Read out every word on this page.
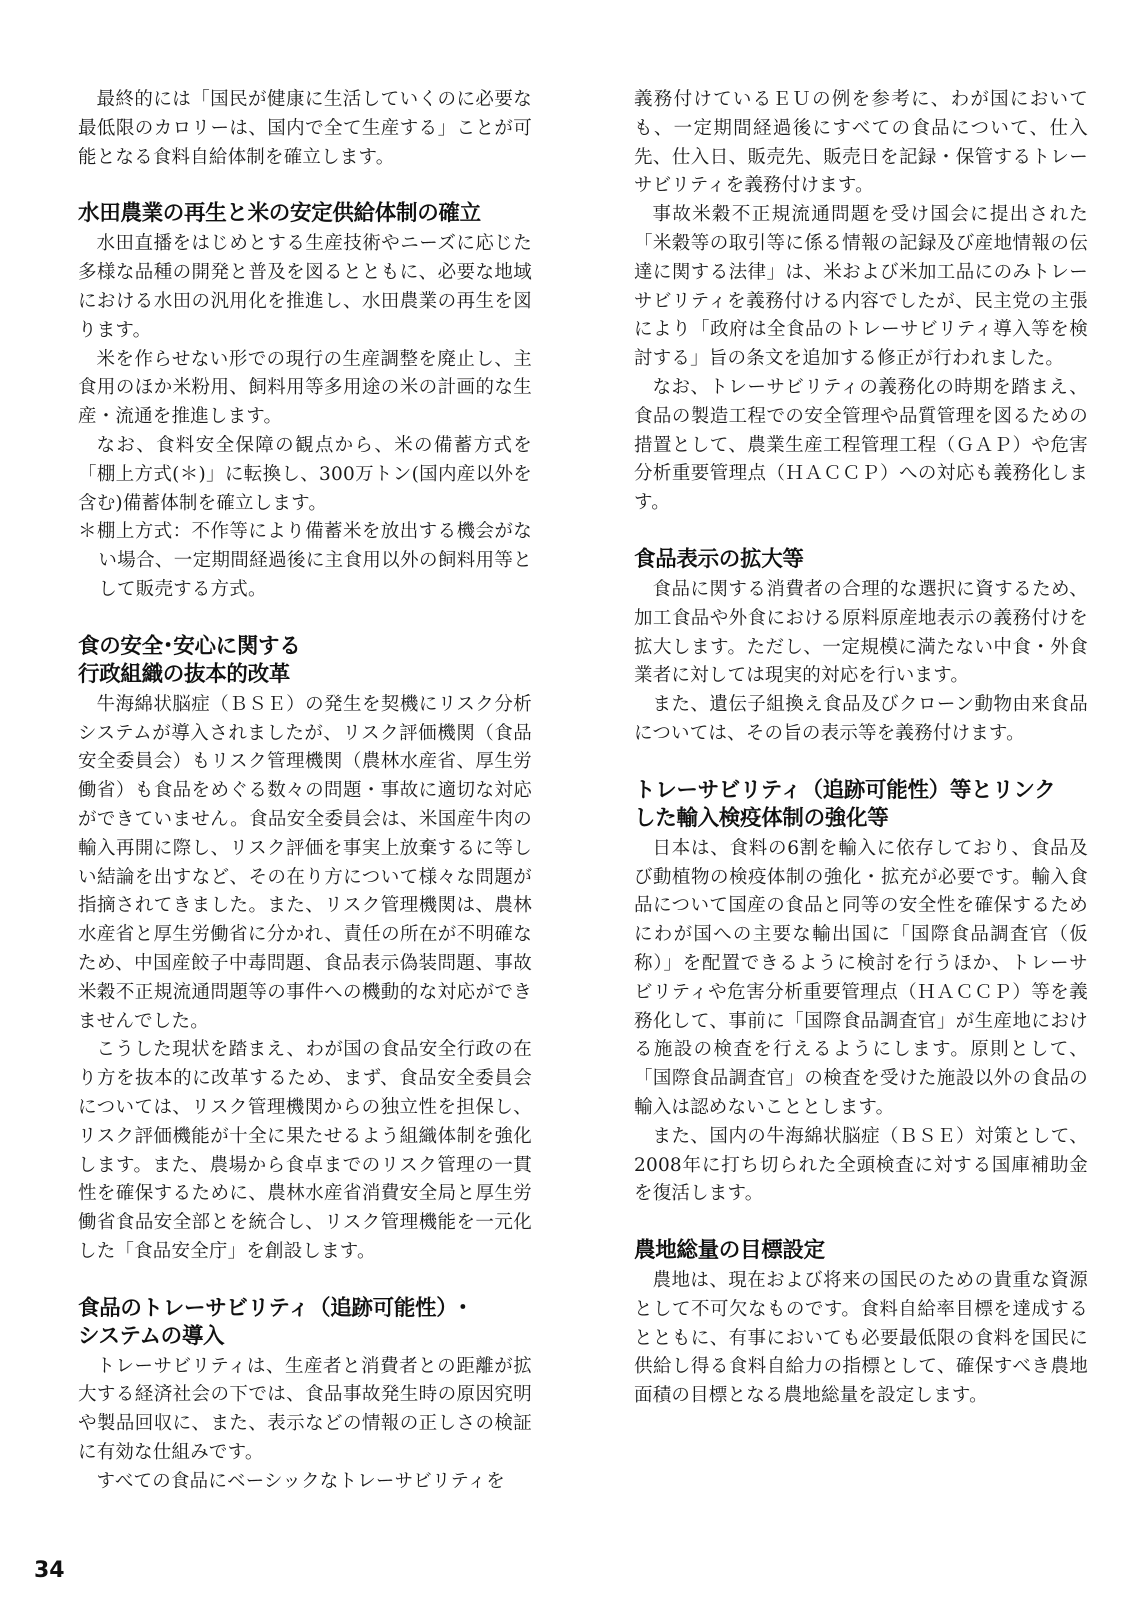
最終的には「国民が健康に生活していくのに必要な最低限のカロリーは、国内で全て生産する」ことが可能となる食料自給体制を確立します。

水田農業の再生と米の安定供給体制の確立

水田直播をはじめとする生産技術やニーズに応じた多様な品種の開発と普及を図るとともに、必要な地域における水田の汎用化を推進し、水田農業の再生を図ります。

米を作らせない形での現行の生産調整を廃止し、主食用のほか米粉用、飼料用等多用途の米の計画的な生産・流通を推進します。

なお、食料安全保障の観点から、米の備蓄方式を「棚上方式(＊)」に転換し、300万トン(国内産以外を含む)備蓄体制を確立します。

＊棚上方式：不作等により備蓄米を放出する機会がない場合、一定期間経過後に主食用以外の飼料用等として販売する方式。

食の安全･安心に関する
行政組織の抜本的改革

牛海綿状脳症（ＢＳＥ）の発生を契機にリスク分析システムが導入されましたが、リスク評価機関（食品安全委員会）もリスク管理機関（農林水産省、厚生労働省）も食品をめぐる数々の問題・事故に適切な対応ができていません。食品安全委員会は、米国産牛肉の輸入再開に際し、リスク評価を事実上放棄するに等しい結論を出すなど、その在り方について様々な問題が指摘されてきました。また、リスク管理機関は、農林水産省と厚生労働省に分かれ、責任の所在が不明確なため、中国産餃子中毒問題、食品表示偽装問題、事故米穀不正規流通問題等の事件への機動的な対応ができませんでした。

こうした現状を踏まえ、わが国の食品安全行政の在り方を抜本的に改革するため、まず、食品安全委員会については、リスク管理機関からの独立性を担保し、リスク評価機能が十全に果たせるよう組織体制を強化します。また、農場から食卓までのリスク管理の一貫性を確保するために、農林水産省消費安全局と厚生労働省食品安全部とを統合し、リスク管理機能を一元化した「食品安全庁」を創設します。

食品のトレーサビリティ（追跡可能性）･
システムの導入

トレーサビリティは、生産者と消費者との距離が拡大する経済社会の下では、食品事故発生時の原因究明や製品回収に、また、表示などの情報の正しさの検証に有効な仕組みです。

すべての食品にベーシックなトレーサビリティを

義務付けているＥＵの例を参考に、わが国においても、一定期間経過後にすべての食品について、仕入先、仕入日、販売先、販売日を記録・保管するトレーサビリティを義務付けます。

事故米穀不正規流通問題を受け国会に提出された「米穀等の取引等に係る情報の記録及び産地情報の伝達に関する法律」は、米および米加工品にのみトレーサビリティを義務付ける内容でしたが、民主党の主張により「政府は全食品のトレーサビリティ導入等を検討する」旨の条文を追加する修正が行われました。

なお、トレーサビリティの義務化の時期を踏まえ、食品の製造工程での安全管理や品質管理を図るための措置として、農業生産工程管理工程（ＧＡＰ）や危害分析重要管理点（ＨＡＣＣＰ）への対応も義務化します。

食品表示の拡大等

食品に関する消費者の合理的な選択に資するため、加工食品や外食における原料原産地表示の義務付けを拡大します。ただし、一定規模に満たない中食・外食業者に対しては現実的対応を行います。

また、遺伝子組換え食品及びクローン動物由来食品については、その旨の表示等を義務付けます。

トレーサビリティ（追跡可能性）等とリンク
した輸入検疫体制の強化等

日本は、食料の6割を輸入に依存しており、食品及び動植物の検疫体制の強化・拡充が必要です。輸入食品について国産の食品と同等の安全性を確保するためにわが国への主要な輸出国に「国際食品調査官（仮称）」を配置できるように検討を行うほか、トレーサビリティや危害分析重要管理点（ＨＡＣＣＰ）等を義務化して、事前に「国際食品調査官」が生産地における施設の検査を行えるようにします。原則として、「国際食品調査官」の検査を受けた施設以外の食品の輸入は認めないこととします。

また、国内の牛海綿状脳症（ＢＳＥ）対策として、2008年に打ち切られた全頭検査に対する国庫補助金を復活します。

農地総量の目標設定

農地は、現在および将来の国民のための貴重な資源として不可欠なものです。食料自給率目標を達成するとともに、有事においても必要最低限の食料を国民に供給し得る食料自給力の指標として、確保すべき農地面積の目標となる農地総量を設定します。

34
